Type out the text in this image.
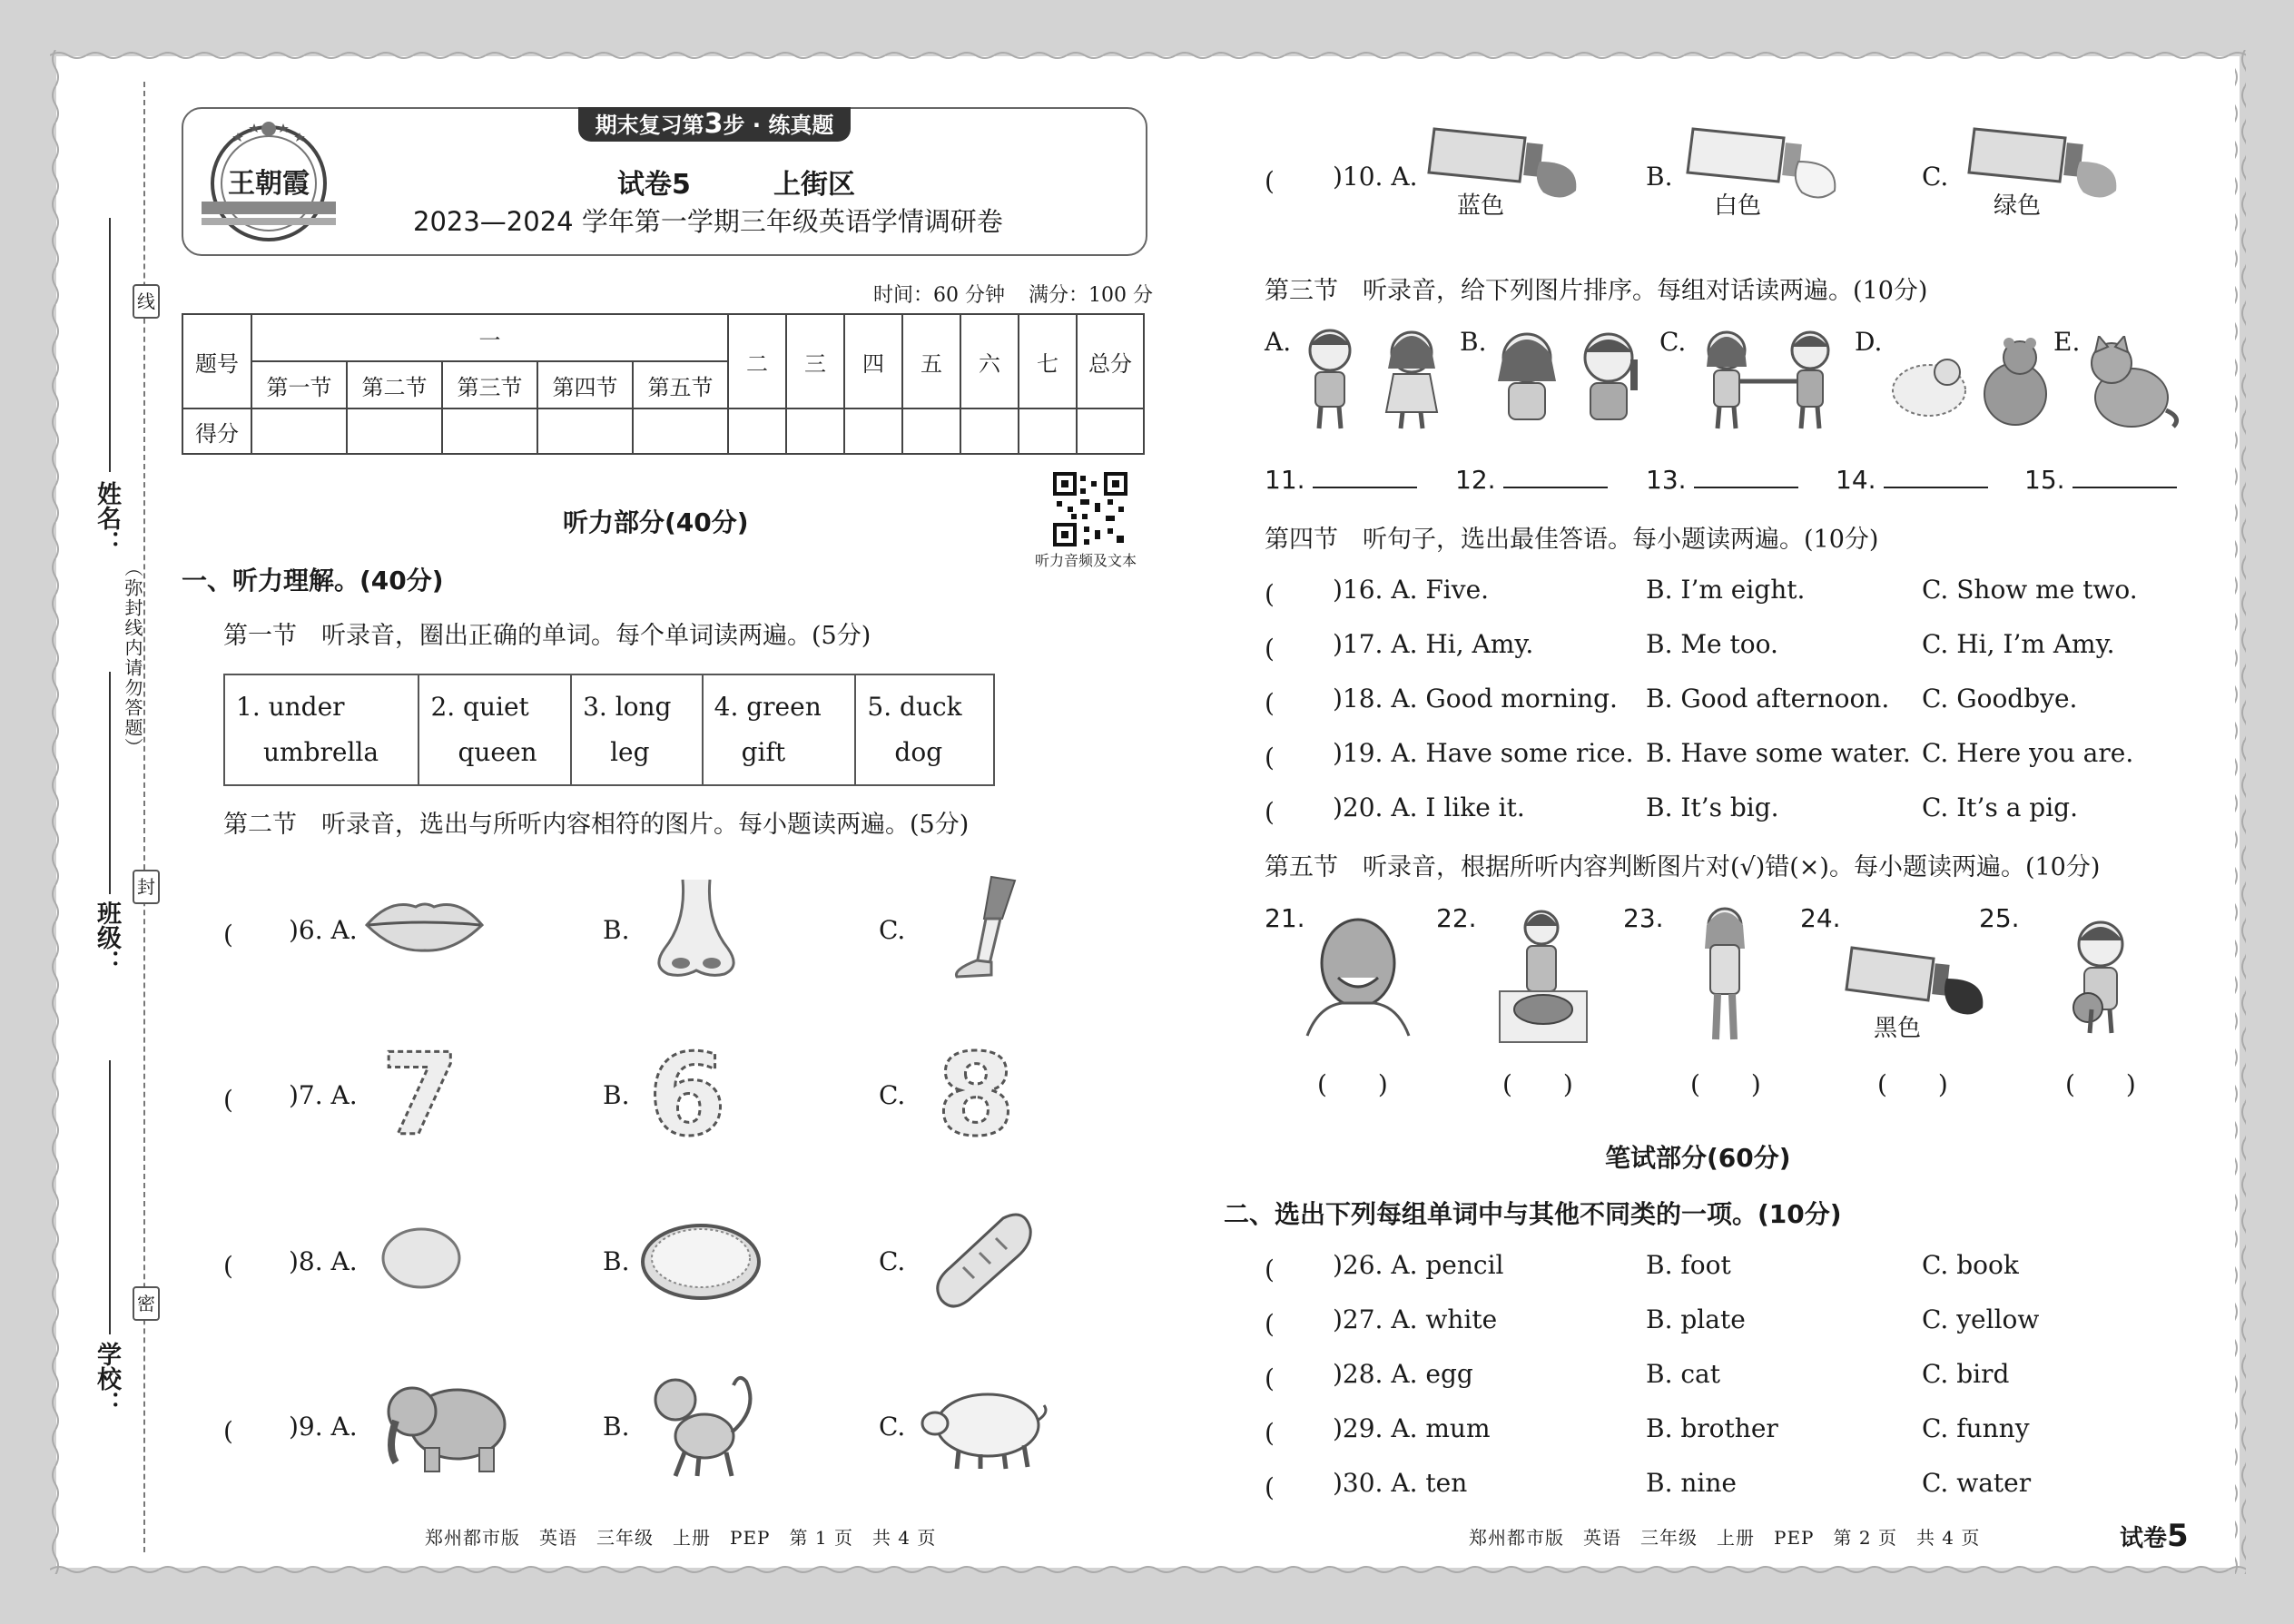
姓名：
班级：
学校：
线
封
密
（弥封线内请勿答题）
王朝霞
期末复习第3步 · 练真题
试卷5	上街区
2023—2024 学年第一学期三年级英语学情调研卷
时间：60 分钟 满分：100 分
题号	一					二	三	四	五	六	七	总分
	第一节	第二节	第三节	第四节	第五节							
得分												
听力部分(40分)
听力音频及文本
一、听力理解。(40分)
第一节　听录音，圈出正确的单词。每个单词读两遍。(5分)
1. under
umbrella

2. quiet
queen

3. long
leg

4. green
gift

5. duck
dog
第二节　听录音，选出与所听内容相符的图片。每小题读两遍。(5分)
(　　 )6. A.	B.	C.
(　　 )7. A. 7	B. 6	C. 8
(　　 )8. A.	B.	C.
(　　 )9. A.	B.	C.
(　　 )10. A.
蓝色
B.
白色
C.
绿色
第三节　听录音，给下列图片排序。每组对话读两遍。(10分)
A.	B.	C.	D.	E.
11.	12.	13.	14.	15.
第四节　听句子，选出最佳答语。每小题读两遍。(10分)
(　　 )16. A. Five.	B. I’m eight.	C. Show me two.
(　　 )17. A. Hi, Amy.	B. Me too.	C. Hi, I’m Amy.
(　　 )18. A. Good morning. B. Good afternoon. C. Goodbye.
(　　 )19. A. Have some rice. B. Have some water. C. Here you are.
(　　 )20. A. I like it.	B. It’s big.	C. It’s a pig.
第五节　听录音，根据所听内容判断图片对(√)错(×)。每小题读两遍。(10分)
21.	22.	23.	24.
黑色
25.
(　　)	(　　)	(　　)	(　　)	(　　)
笔试部分(60分)
二、选出下列每组单词中与其他不同类的一项。(10分)
(　　 )26. A. pencil	B. foot	C. book
(　　 )27. A. white	B. plate	C. yellow
(　　 )28. A. egg	B. cat	C. bird
(　　 )29. A. mum	B. brother	C. funny
(　　 )30. A. ten	B. nine	C. water
郑州都市版　英语　三年级　上册　PEP　第 1 页　共 4 页	郑州都市版　英语　三年级　上册　PEP　第 2 页　共 4 页	试卷5
